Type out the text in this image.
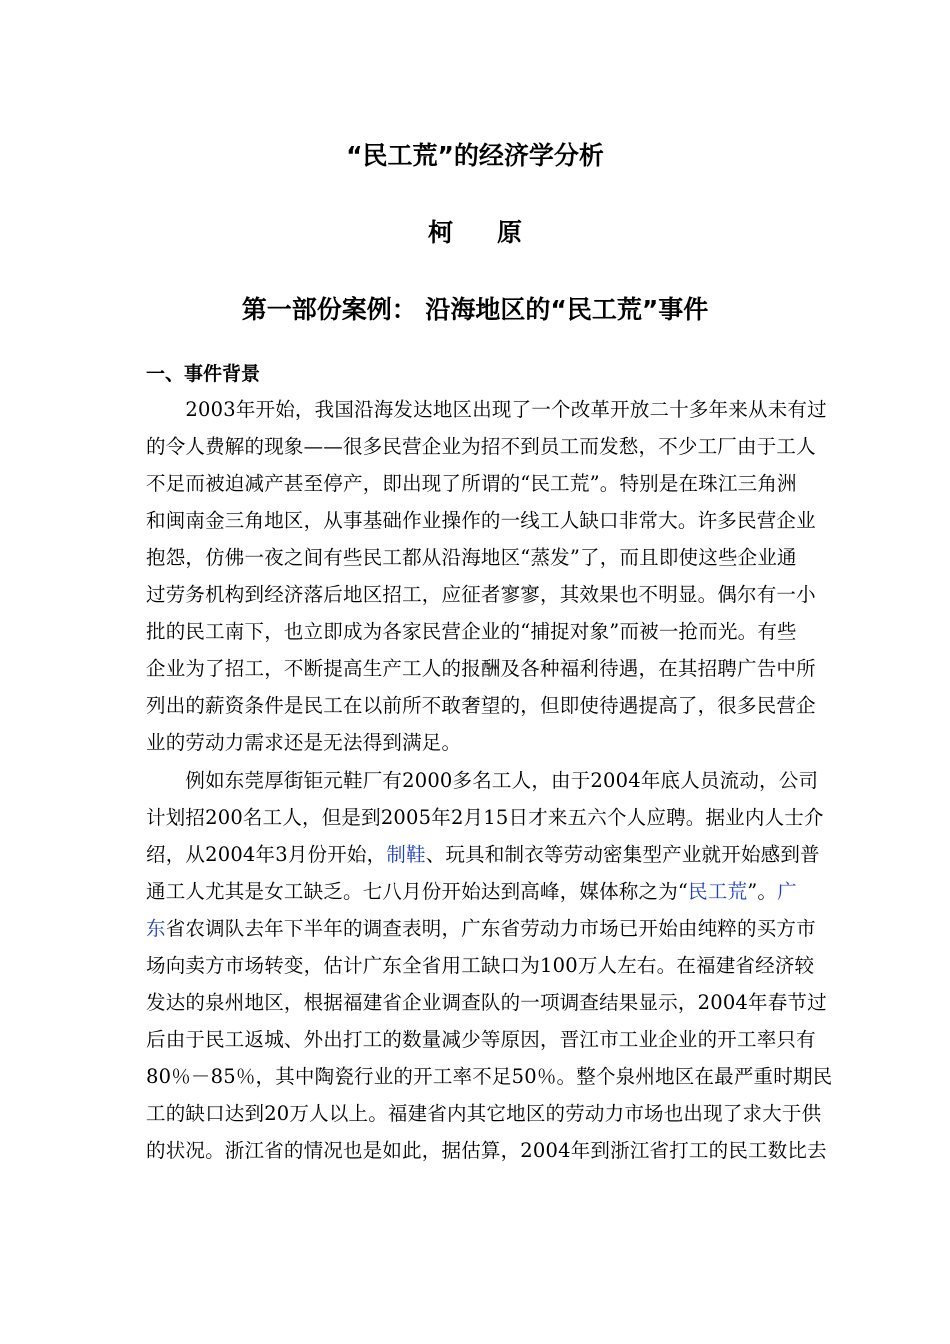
“民工荒”的经济学分析
柯 原
第一部份案例： 沿海地区的“民工荒”事件
一、事件背景
　　2003年开始，我国沿海发达地区出现了一个改革开放二十多年来从未有过
的令人费解的现象——很多民营企业为招不到员工而发愁，不少工厂由于工人
不足而被迫减产甚至停产，即出现了所谓的“民工荒”。特别是在珠江三角洲
和闽南金三角地区，从事基础作业操作的一线工人缺口非常大。许多民营企业
抱怨，仿佛一夜之间有些民工都从沿海地区“蒸发”了，而且即使这些企业通
过劳务机构到经济落后地区招工，应征者寥寥，其效果也不明显。偶尔有一小
批的民工南下，也立即成为各家民营企业的“捕捉对象”而被一抢而光。有些
企业为了招工，不断提高生产工人的报酬及各种福利待遇，在其招聘广告中所
列出的薪资条件是民工在以前所不敢奢望的，但即使待遇提高了，很多民营企
业的劳动力需求还是无法得到满足。
　　例如东莞厚街钜元鞋厂有2000多名工人，由于2004年底人员流动，公司
计划招200名工人，但是到2005年2月15日才来五六个人应聘。据业内人士介
绍，从2004年3月份开始，制鞋、玩具和制衣等劳动密集型产业就开始感到普
通工人尤其是女工缺乏。七八月份开始达到高峰，媒体称之为“民工荒”。广
东省农调队去年下半年的调查表明，广东省劳动力市场已开始由纯粹的买方市
场向卖方市场转变，估计广东全省用工缺口为100万人左右。在福建省经济较
发达的泉州地区，根据福建省企业调查队的一项调查结果显示，2004年春节过
后由于民工返城、外出打工的数量减少等原因，晋江市工业企业的开工率只有
80％－85％，其中陶瓷行业的开工率不足50％。整个泉州地区在最严重时期民
工的缺口达到20万人以上。福建省内其它地区的劳动力市场也出现了求大于供
的状况。浙江省的情况也是如此，据估算，2004年到浙江省打工的民工数比去
